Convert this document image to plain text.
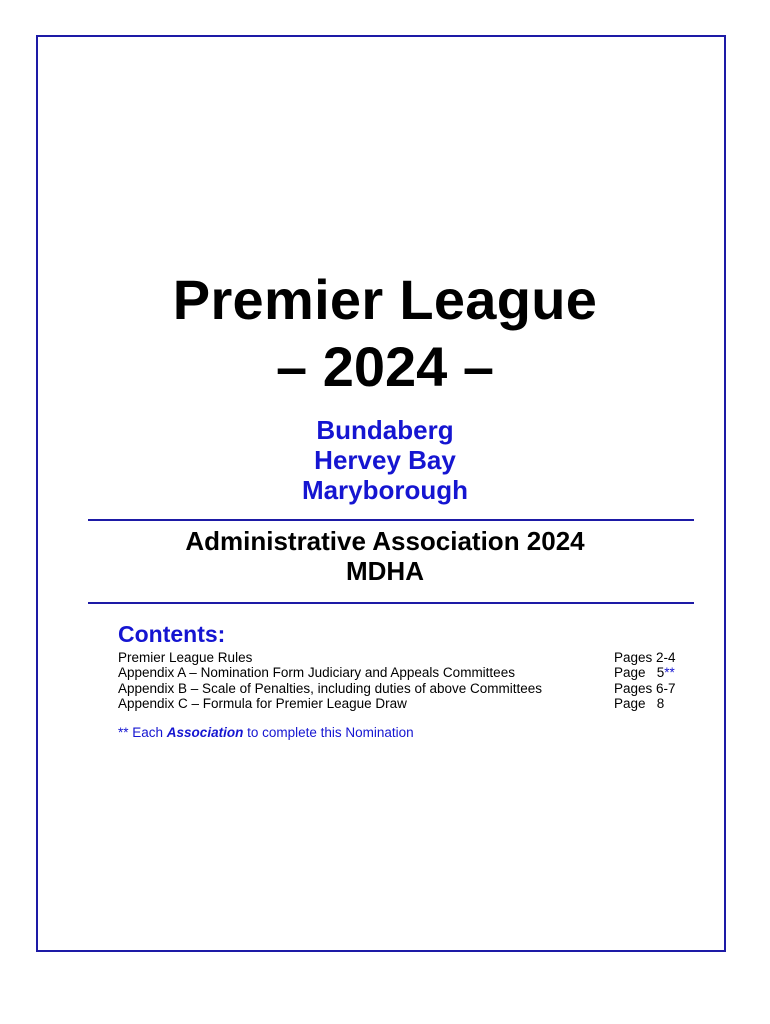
Premier League
– 2024 –
Bundaberg
Hervey Bay
Maryborough
Administrative Association 2024
MDHA
Contents:
Premier League Rules	Pages 2-4
Appendix A – Nomination Form Judiciary and Appeals Committees	Page   5**
Appendix B – Scale of Penalties, including duties of above Committees	Pages 6-7
Appendix C – Formula for Premier League Draw	Page   8
** Each Association to complete this Nomination
